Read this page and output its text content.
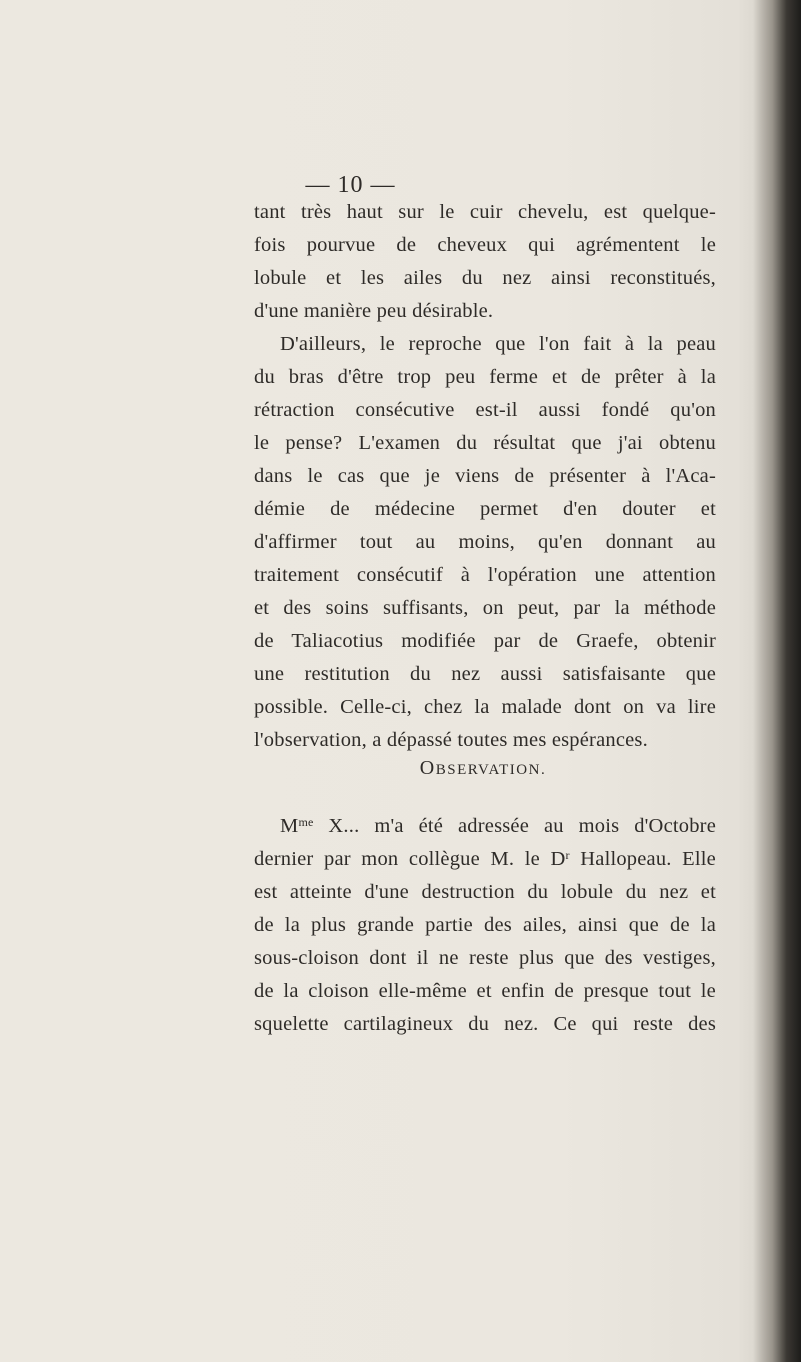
— 10 —
tant très haut sur le cuir chevelu, est quelque-
fois pourvue de cheveux qui agrémentent le
lobule et les ailes du nez ainsi reconstitués,
d'une manière peu désirable.
D'ailleurs, le reproche que l'on fait à la peau
du bras d'être trop peu ferme et de prêter à la
rétraction consécutive est-il aussi fondé qu'on
le pense? L'examen du résultat que j'ai obtenu
dans le cas que je viens de présenter à l'Aca-
démie de médecine permet d'en douter et
d'affirmer tout au moins, qu'en donnant au
traitement consécutif à l'opération une attention
et des soins suffisants, on peut, par la méthode
de Taliacotius modifiée par de Graefe, obtenir
une restitution du nez aussi satisfaisante que
possible. Celle-ci, chez la malade dont on va lire
l'observation, a dépassé toutes mes espérances.
OBSERVATION.
$M^{me}$ X... m'a été adressée au mois d'Octobre
dernier par mon collègue M. le $D^r$ Hallopeau. Elle
est atteinte d'une destruction du lobule du nez et
de la plus grande partie des ailes, ainsi que de la
sous-cloison dont il ne reste plus que des vestiges,
de la cloison elle-même et enfin de presque tout le
squelette cartilagineux du nez. Ce qui reste des
